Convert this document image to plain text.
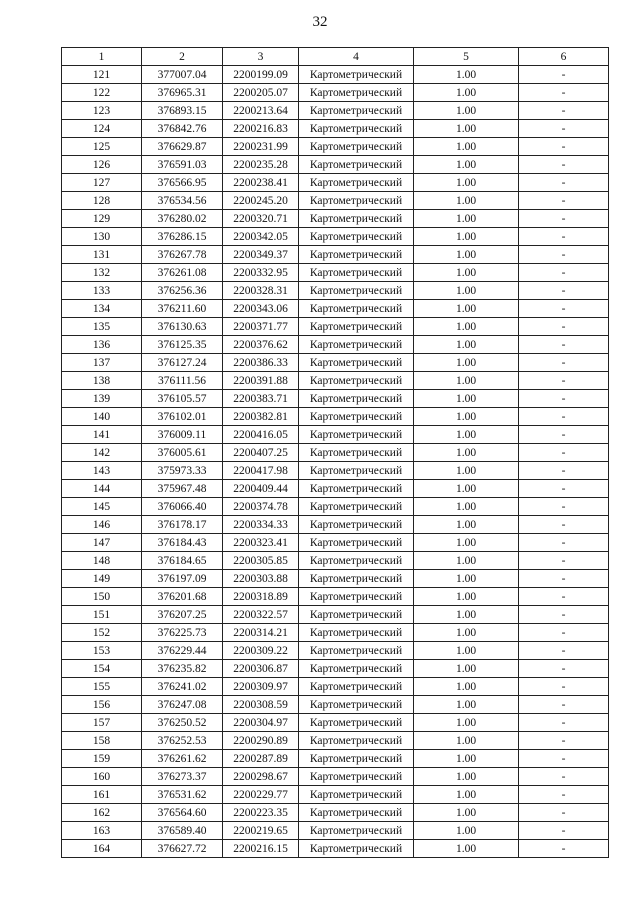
32
1	2	3	4	5	6
121	377007.04	2200199.09	Картометрический	1.00	-
122	376965.31	2200205.07	Картометрический	1.00	-
123	376893.15	2200213.64	Картометрический	1.00	-
124	376842.76	2200216.83	Картометрический	1.00	-
125	376629.87	2200231.99	Картометрический	1.00	-
126	376591.03	2200235.28	Картометрический	1.00	-
127	376566.95	2200238.41	Картометрический	1.00	-
128	376534.56	2200245.20	Картометрический	1.00	-
129	376280.02	2200320.71	Картометрический	1.00	-
130	376286.15	2200342.05	Картометрический	1.00	-
131	376267.78	2200349.37	Картометрический	1.00	-
132	376261.08	2200332.95	Картометрический	1.00	-
133	376256.36	2200328.31	Картометрический	1.00	-
134	376211.60	2200343.06	Картометрический	1.00	-
135	376130.63	2200371.77	Картометрический	1.00	-
136	376125.35	2200376.62	Картометрический	1.00	-
137	376127.24	2200386.33	Картометрический	1.00	-
138	376111.56	2200391.88	Картометрический	1.00	-
139	376105.57	2200383.71	Картометрический	1.00	-
140	376102.01	2200382.81	Картометрический	1.00	-
141	376009.11	2200416.05	Картометрический	1.00	-
142	376005.61	2200407.25	Картометрический	1.00	-
143	375973.33	2200417.98	Картометрический	1.00	-
144	375967.48	2200409.44	Картометрический	1.00	-
145	376066.40	2200374.78	Картометрический	1.00	-
146	376178.17	2200334.33	Картометрический	1.00	-
147	376184.43	2200323.41	Картометрический	1.00	-
148	376184.65	2200305.85	Картометрический	1.00	-
149	376197.09	2200303.88	Картометрический	1.00	-
150	376201.68	2200318.89	Картометрический	1.00	-
151	376207.25	2200322.57	Картометрический	1.00	-
152	376225.73	2200314.21	Картометрический	1.00	-
153	376229.44	2200309.22	Картометрический	1.00	-
154	376235.82	2200306.87	Картометрический	1.00	-
155	376241.02	2200309.97	Картометрический	1.00	-
156	376247.08	2200308.59	Картометрический	1.00	-
157	376250.52	2200304.97	Картометрический	1.00	-
158	376252.53	2200290.89	Картометрический	1.00	-
159	376261.62	2200287.89	Картометрический	1.00	-
160	376273.37	2200298.67	Картометрический	1.00	-
161	376531.62	2200229.77	Картометрический	1.00	-
162	376564.60	2200223.35	Картометрический	1.00	-
163	376589.40	2200219.65	Картометрический	1.00	-
164	376627.72	2200216.15	Картометрический	1.00	-
